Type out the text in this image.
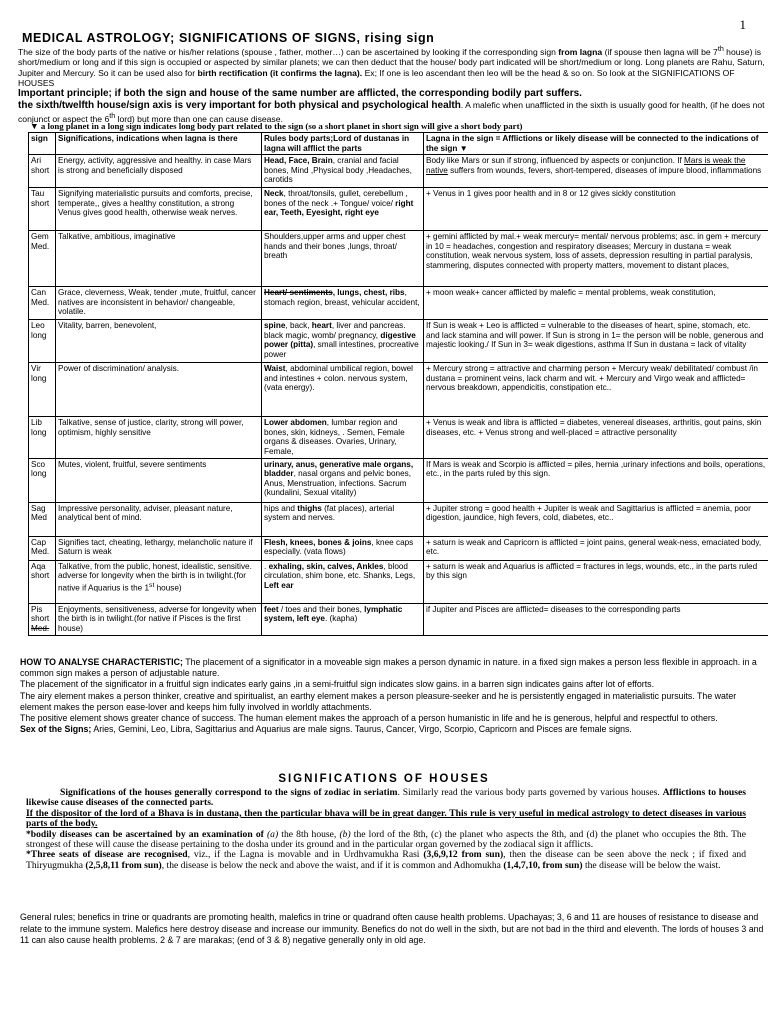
1
MEDICAL ASTROLOGY; SIGNIFICATIONS OF SIGNS, rising sign

The size of the body parts of the native or his/her relations (spouse , father, mother…) can be ascertained by looking if the corresponding sign from lagna (if spouse then lagna will be 7th house) is short/medium or long and if this sign is occupied or aspected by similar planets; we can then deduct that the house/ body part indicated will be short/medium or long. Long planets are Rahu, Saturn, Jupiter and Mercury. So it can be used also for birth rectification (it confirms the lagna). Ex; If one is leo ascendant then leo will be the head & so on. So look at the SIGNIFICATIONS OF HOUSES

Important principle; if both the sign and house of the same number are afflicted, the corresponding bodily part suffers.

the sixth/twelfth house/sign axis is very important for both physical and psychological health. A malefic when unafflicted in the sixth is usually good for health, (if he does not conjunct or aspect the 6th lord) but more than one can cause disease.

▼ a long planet in a long sign indicates long body part related to the sign (so a short planet in short sign will give a short body part)
sign	Significations, indications when lagna is there	Rules body parts;Lord of dustanas in lagna will afflict the parts	Lagna in the sign = Afflictions or likely disease will be connected to the indications of the sign ▼
Ari short	Energy, activity, aggressive and healthy. in case Mars is strong and beneficially disposed	Head, Face, Brain, cranial and facial bones, Mind ,Physical body ,Headaches, carotids	Body like Mars or sun if strong, influenced by aspects or conjunction. If Mars is weak the native suffers from wounds, fevers, short-tempered, diseases of impure blood, inflammations
Tau short	Signifying materialistic pursuits and comforts, precise, temperate,, gives a healthy constitution, a strong Venus gives good health, otherwise weak nerves.	Neck, throat/tonsils, gullet, cerebellum , bones of the neck .+ Tongue/ voice/ right ear, Teeth, Eyesight, right eye	+ Venus in 1 gives poor health and in 8 or 12 gives sickly constitution
Gem Med.	Talkative, ambitious, imaginative	Shoulders,upper arms and upper chest hands and their bones ,lungs, throat/ breath	+ gemini afflicted by mal.+ weak mercury= mental/ nervous problems; asc. in gem + mercury in 10 = headaches, congestion and respiratory diseases; Mercury in dustana = weak constitution, weak nervous system, loss of assets, depression resulting in partial paralysis, stammering, disputes connected with property matters, movement to distant places,
Can Med.	Grace, cleverness, Weak, tender ,mute, fruitful, cancer natives are inconsistent in behavior/ changeable, volatile.	Heart/ sentiments, lungs, chest, ribs, stomach region, breast, vehicular accident,	+ moon weak+ cancer afflicted by malefic = mental problems, weak constitution,
Leo long	Vitality, barren, benevolent,	spine, back, heart, liver and pancreas. black magic, womb/ pregnancy, digestive power (pitta), small intestines, procreative power	If Sun is weak + Leo is afflicted = vulnerable to the diseases of heart, spine, stomach, etc. and lack stamina and will power. If Sun is strong in 1= the person will be noble, generous and majestic looking./ If Sun in 3= weak digestions, asthma If Sun in dustana = lack of vitality
Vir long	Power of discrimination/ analysis.	Waist, abdominal umbilical region, bowel and intestines + colon. nervous system, (vata energy).	+ Mercury strong = attractive and charming person + Mercury weak/ debilitated/ combust /in dustana = prominent veins, lack charm and wit. + Mercury and Virgo weak and afflicted= nervous breakdown, appendicitis, constipation etc..
Lib long	Talkative, sense of justice, clarity, strong will power, optimism, highly sensitive	Lower abdomen, lumbar region and bones, skin, kidneys, . Semen, Female organs & diseases. Ovaries, Urinary, Female,	+ Venus is weak and libra is afflicted = diabetes, venereal diseases, arthritis, gout pains, skin diseases, etc. + Venus strong and well-placed = attractive personality
Sco long	Mutes, violent, fruitful, severe sentiments	urinary, anus, generative male organs, bladder, nasal organs and pelvic bones, Anus, Menstruation, infections. Sacrum (kundalini, Sexual vitality)	If Mars is weak and Scorpio is afflicted = piles, hernia ,urinary infections and boils, operations, etc., in the parts ruled by this sign.
Sag Med	Impressive personality, adviser, pleasant nature, analytical bent of mind.	hips and thighs (fat places), arterial system and nerves.	+ Jupiter strong = good health + Jupiter is weak and Sagittarius is afflicted = anemia, poor digestion, jaundice, high fevers, cold, diabetes, etc..
Cap Med.	Signifies tact, cheating, lethargy, melancholic nature if Saturn is weak	Flesh, knees, bones & joins, knee caps especially. (vata flows)	+ saturn is weak and Capricorn is afflicted = joint pains, general weak-ness, emaciated body, etc.
Aqa short	Talkative, from the public, honest, idealistic, sensitive. adverse for longevity when the birth is in twilight.(for native if Aquarius is the 1st house)	. exhaling, skin, calves, Ankles, blood circulation, shim bone, etc. Shanks, Legs, Left ear	+ saturn is weak and Aquarius is afflicted = fractures in legs, wounds, etc., in the parts ruled by this sign
Pis short Med.	Enjoyments, sensitiveness, adverse for longevity when the birth is in twilight.(for native if Pisces is the first house)	feet / toes and their bones, lymphatic system, left eye. (kapha)	if Jupiter and Pisces are afflicted= diseases to the corresponding parts

HOW TO ANALYSE CHARACTERISTIC; The placement of a significator in a moveable sign makes a person dynamic in nature. in a fixed sign makes a person less flexible in approach. in a common sign makes a person of adjustable nature.

The placement of the significator in a fruitful sign indicates early gains ,in a semi-fruitful sign indicates slow gains. in a barren sign indicates gains after lot of efforts.

The airy element makes a person thinker, creative and spiritualist, an earthy element makes a person pleasure-seeker and he is persistently engaged in materialistic pursuits. The water element makes the person ease-lover and keeps him fully involved in worldly attachments.

The positive element shows greater chance of success. The human element makes the approach of a person humanistic in life and he is generous, helpful and respectful to others.

Sex of the Signs; Aries, Gemini, Leo, Libra, Sagittarius and Aquarius are male signs. Taurus, Cancer, Virgo, Scorpio, Capricorn and Pisces are female signs.

SIGNIFICATIONS OF HOUSES

Significations of the houses generally correspond to the signs of zodiac in seriatim. Similarly read the various body parts governed by various houses. Afflictions to houses likewise cause diseases of the connected parts.

If the dispositor of the lord of a Bhava is in dustana, then the particular bhava will be in great danger. This rule is very useful in medical astrology to detect diseases in various parts of the body.

*bodily diseases can be ascertained by an examination of (a) the 8th house, (b) the lord of the 8th, (c) the planet who aspects the 8th, and (d) the planet who occupies the 8th. The strongest of these will cause the disease pertaining to the dosha under its ground and in the particular organ governed by the zodiacal sign it afflicts.

*Three seats of disease are recognised, viz., if the Lagna is movable and in Urdhvamukha Rasi (3,6,9,12 from sun), then the disease can be seen above the neck ; if fixed and Thiryugmukha (2,5,8,11 from sun), the disease is below the neck and above the waist, and if it is common and Adhomukha (1,4,7,10, from sun) the disease will be below the waist.

General rules; benefics in trine or quadrants are promoting health, malefics in trine or quadrand often cause health problems. Upachayas; 3, 6 and 11 are houses of resistance to disease and relate to the immune system. Malefics here destroy disease and increase our immunity. Benefics do not do well in the sixth, but are not bad in the third and eleventh. The lords of houses 3 and 11 can also cause health problems. 2 & 7 are marakas; (end of 3 & 8) negative generally only in old age.
